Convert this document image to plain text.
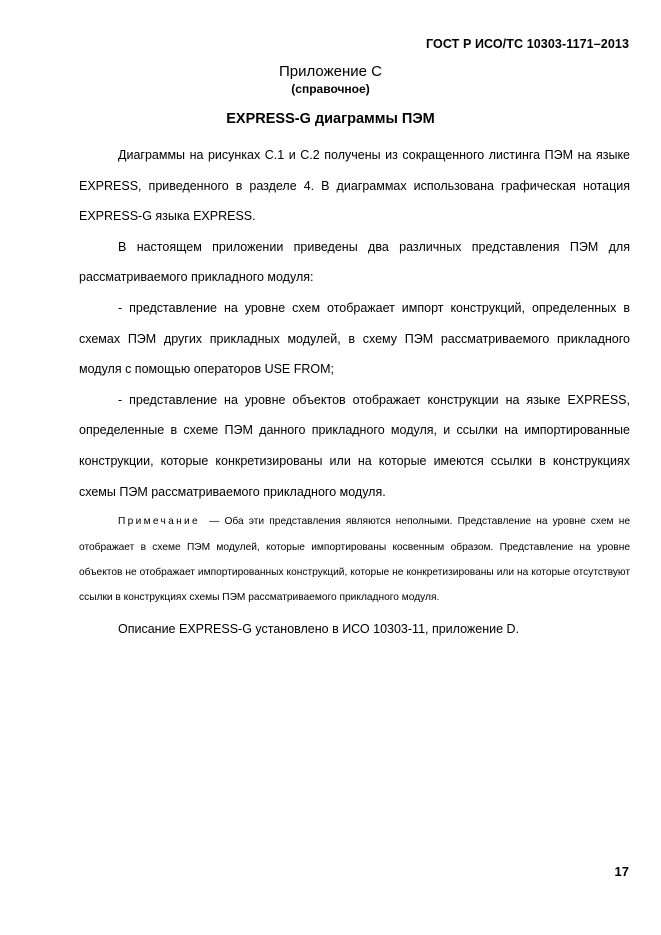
ГОСТ Р ИСО/ТС 10303-1171–2013
Приложение С
(справочное)
EXPRESS-G диаграммы ПЭМ

Диаграммы на рисунках С.1 и С.2 получены из сокращенного листинга ПЭМ на языке EXPRESS, приведенного в разделе 4. В диаграммах использована графическая нотация EXPRESS-G языка EXPRESS.

В настоящем приложении приведены два различных представления ПЭМ для рассматриваемого прикладного модуля:

- представление на уровне схем отображает импорт конструкций, определенных в схемах ПЭМ других прикладных модулей, в схему ПЭМ рассматриваемого прикладного модуля с помощью операторов USE FROM;

- представление на уровне объектов отображает конструкции на языке EXPRESS, определенные в схеме ПЭМ данного прикладного модуля, и ссылки на импортированные конструкции, которые конкретизированы или на которые имеются ссылки в конструкциях схемы ПЭМ рассматриваемого прикладного модуля.

Примечание — Оба эти представления являются неполными. Представление на уровне схем не отображает в схеме ПЭМ модулей, которые импортированы косвенным образом. Представление на уровне объектов не отображает импортированных конструкций, которые не конкретизированы или на которые отсутствуют ссылки в конструкциях схемы ПЭМ рассматриваемого прикладного модуля.

Описание EXPRESS-G установлено в ИСО 10303-11, приложение D.

17
